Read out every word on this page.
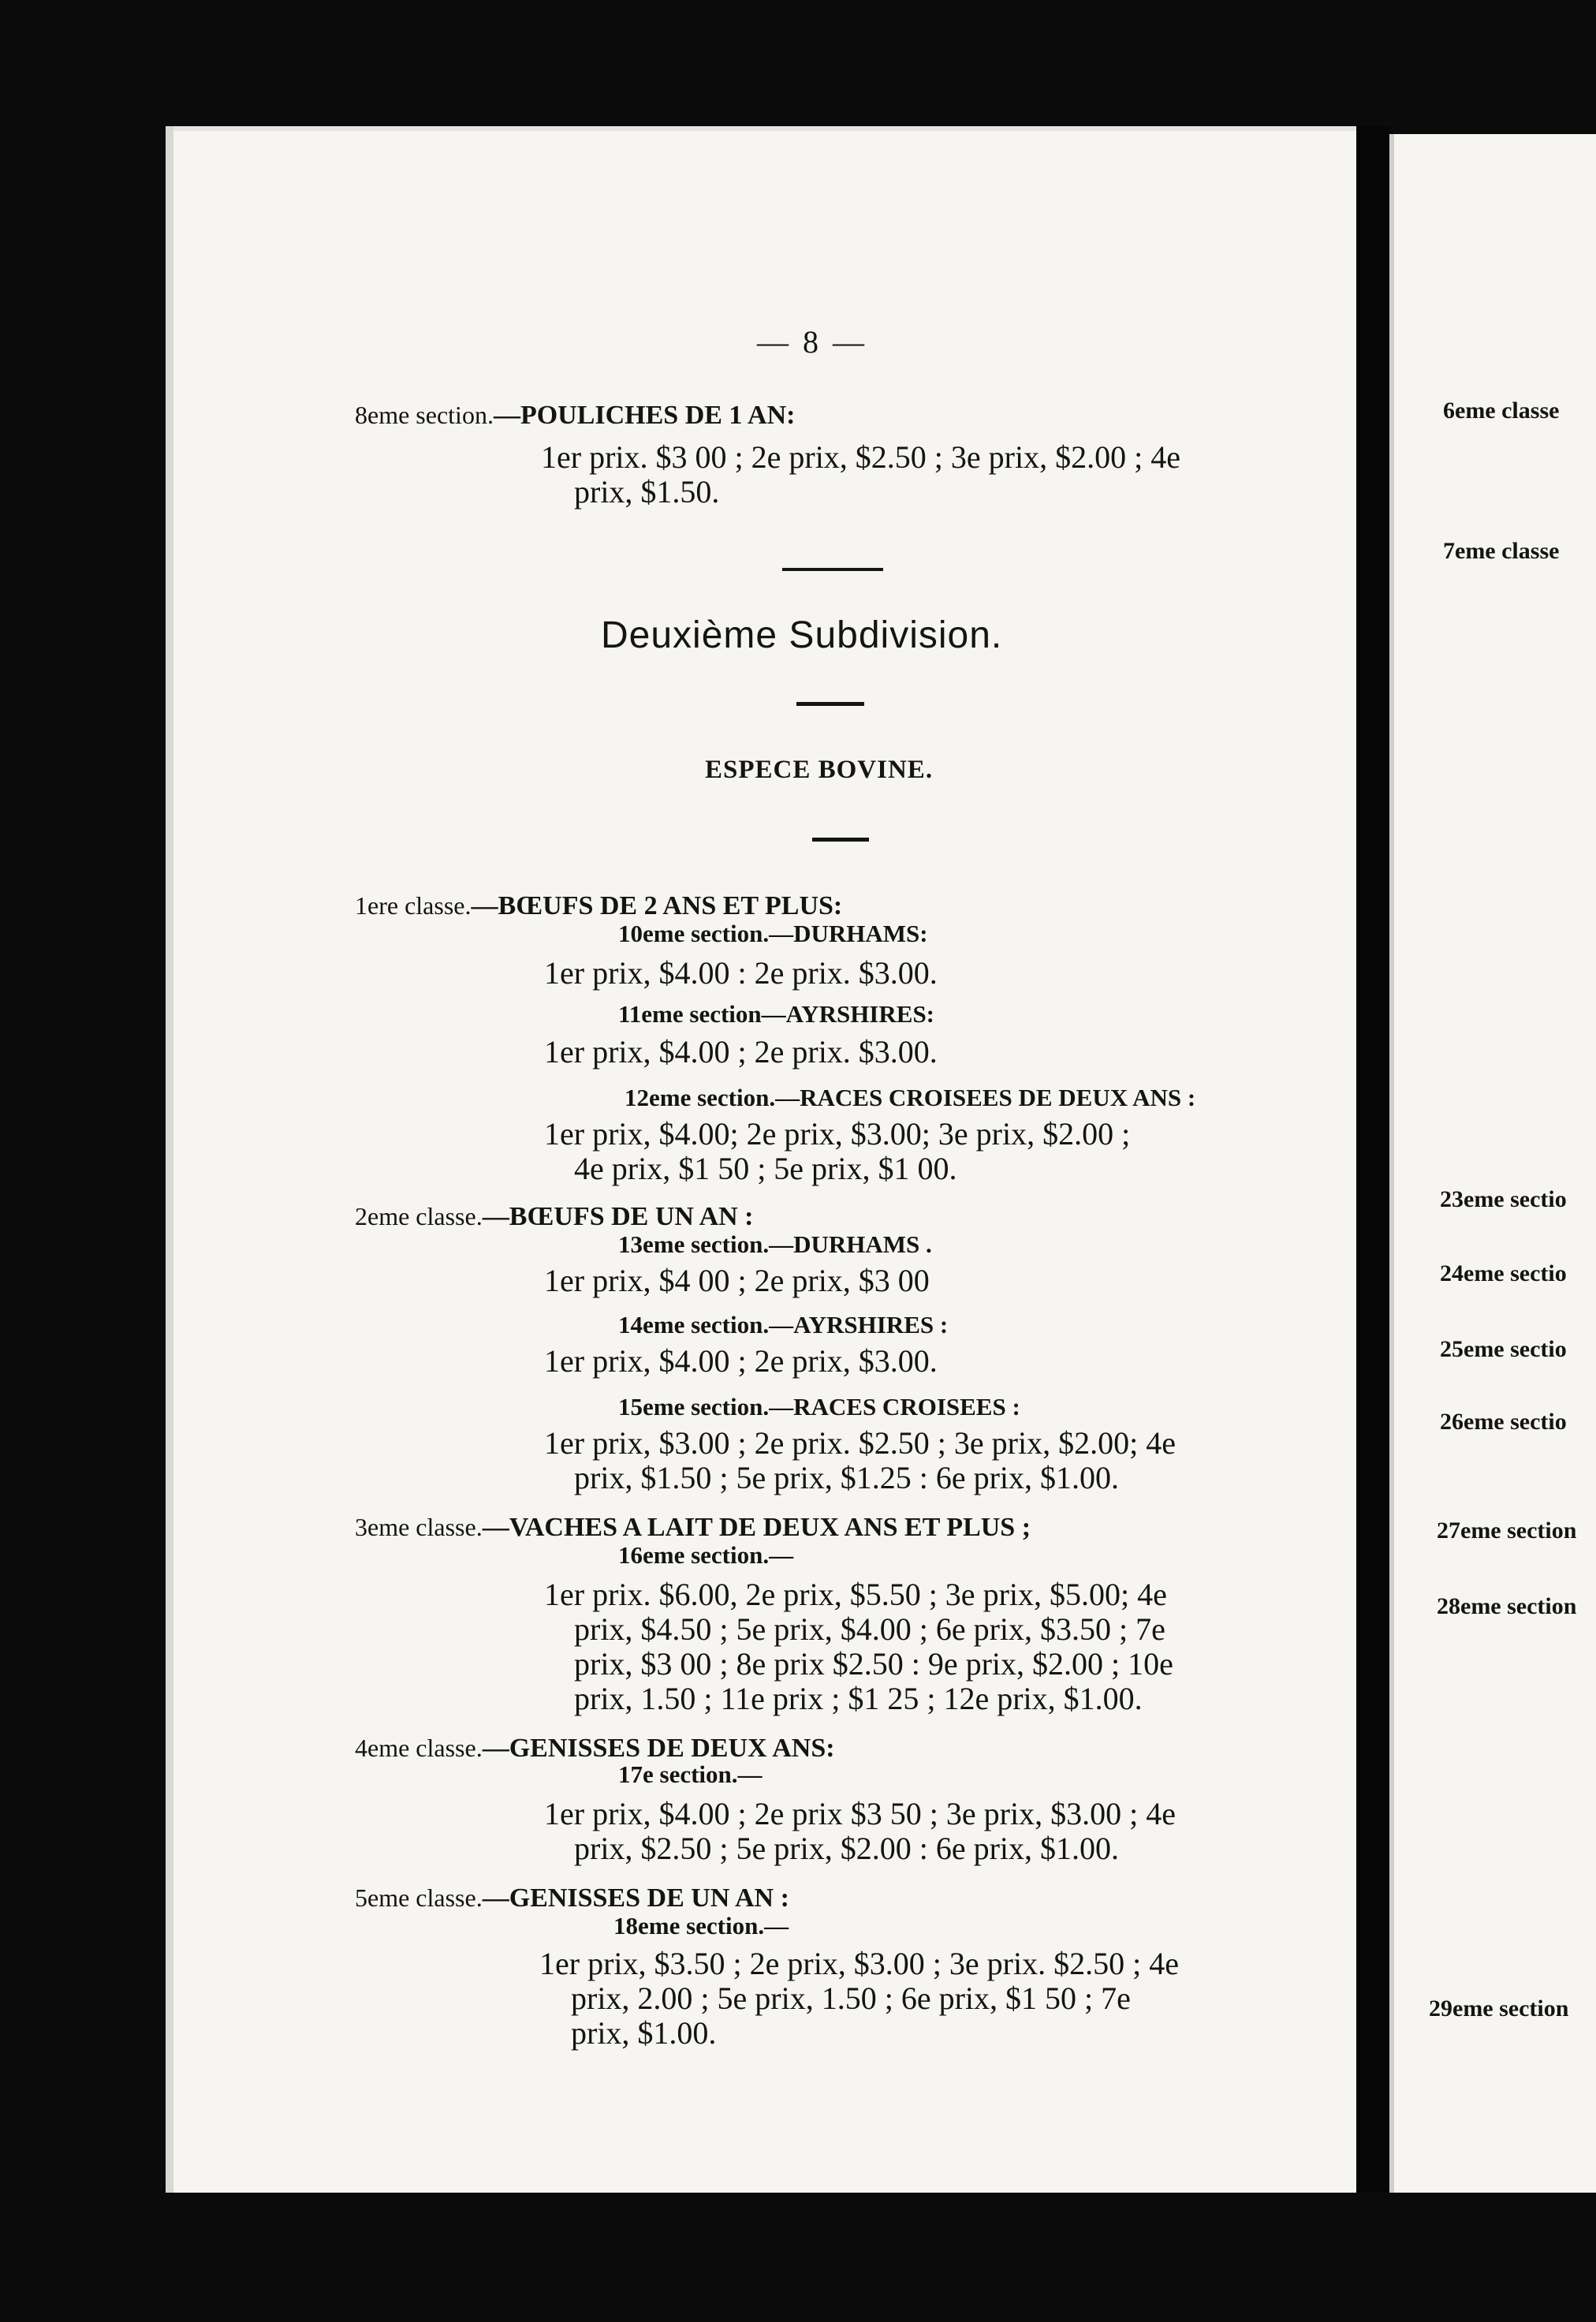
— 8 —
8eme section.—POULICHES DE 1 AN:
1er prix. $3 00 ; 2e prix, $2.50 ; 3e prix, $2.00 ; 4e
prix, $1.50.
Deuxième Subdivision.
ESPECE BOVINE.
1ere classe.—BŒUFS DE 2 ANS ET PLUS:
10eme section.—DURHAMS:
1er prix, $4.00 : 2e prix. $3.00.
11eme section—AYRSHIRES:
1er prix, $4.00 ; 2e prix. $3.00.
12eme section.—RACES CROISEES DE DEUX ANS :
1er prix, $4.00; 2e prix, $3.00; 3e prix, $2.00 ;
4e prix, $1 50 ; 5e prix, $1 00.
2eme classe.—BŒUFS DE UN AN :
13eme section.—DURHAMS .
1er prix, $4 00 ; 2e prix, $3 00
14eme section.—AYRSHIRES :
1er prix, $4.00 ; 2e prix, $3.00.
15eme section.—RACES CROISEES :
1er prix, $3.00 ; 2e prix. $2.50 ; 3e prix, $2.00; 4e
prix, $1.50 ; 5e prix, $1.25 : 6e prix, $1.00.
3eme classe.—VACHES A LAIT DE DEUX ANS ET PLUS ;
16eme section.—
1er prix. $6.00, 2e prix, $5.50 ; 3e prix, $5.00; 4e
prix, $4.50 ; 5e prix, $4.00 ; 6e prix, $3.50 ; 7e
prix, $3 00 ; 8e prix $2.50 : 9e prix, $2.00 ; 10e
prix, 1.50 ; 11e prix ; $1 25 ; 12e prix, $1.00.
4eme classe.—GENISSES DE DEUX ANS:
17e section.—
1er prix, $4.00 ; 2e prix $3 50 ; 3e prix, $3.00 ; 4e
prix, $2.50 ; 5e prix, $2.00 : 6e prix, $1.00.
5eme classe.—GENISSES DE UN AN :
18eme section.—
1er prix, $3.50 ; 2e prix, $3.00 ; 3e prix. $2.50 ; 4e
prix, 2.00 ; 5e prix, 1.50 ; 6e prix, $1 50 ; 7e
prix, $1.00.
6eme classe
7eme classe
23eme sectio
24eme sectio
25eme sectio
26eme sectio
27eme section
28eme section
29eme section
